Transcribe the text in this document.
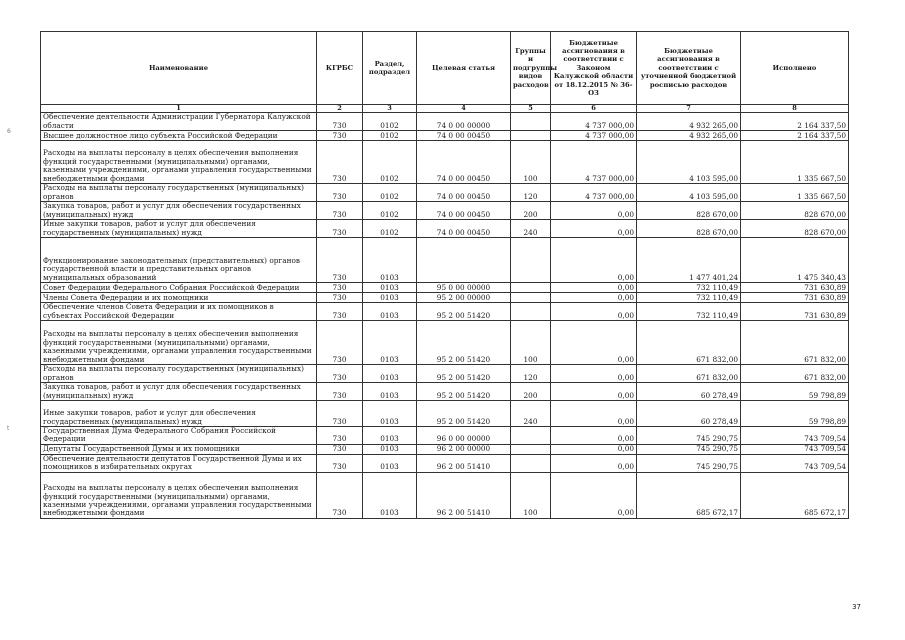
Наименование	КГРБС	Раздел, подраздел	Целевая статья	Группы и подгруппы видов расходов	Бюджетные ассигнования в соответствии с Законом Калужской области от 18.12.2015 № 36-ОЗ	Бюджетные ассигнования в соответствии с уточненной бюджетной росписью расходов	Исполнено
1	2	3	4	5	6	7	8
Обеспечение деятельности Администрации Губернатора Калужской области	730	0102	74 0 00 00000		4 737 000,00	4 932 265,00	2 164 337,50
Высшее должностное лицо субъекта Российской Федерации	730	0102	74 0 00 00450		4 737 000,00	4 932 265,00	2 164 337,50
Расходы на выплаты персоналу в целях обеспечения выполнения функций государственными (муниципальными) органами, казенными учреждениями, органами управления государственными внебюджетными фондами	730	0102	74 0 00 00450	100	4 737 000,00	4 103 595,00	1 335 667,50
Расходы на выплаты персоналу государственных (муниципальных) органов	730	0102	74 0 00 00450	120	4 737 000,00	4 103 595,00	1 335 667,50
Закупка товаров, работ и услуг для обеспечения государственных (муниципальных) нужд	730	0102	74 0 00 00450	200	0,00	828 670,00	828 670,00
Иные закупки товаров, работ и услуг для обеспечения государственных (муниципальных) нужд	730	0102	74 0 00 00450	240	0,00	828 670,00	828 670,00
Функционирование законодательных (представительных) органов государственной власти и представительных органов муниципальных образований	730	0103			0,00	1 477 401,24	1 475 340,43
Совет Федерации Федерального Собрания Российской Федерации	730	0103	95 0 00 00000		0,00	732 110,49	731 630,89
Члены Совета Федерации и их помощники	730	0103	95 2 00 00000		0,00	732 110,49	731 630,89
Обеспечение членов Совета Федерации и их помощников в субъектах Российской Федерации	730	0103	95 2 00 51420		0,00	732 110,49	731 630,89
Расходы на выплаты персоналу в целях обеспечения выполнения функций государственными (муниципальными) органами, казенными учреждениями, органами управления государственными внебюджетными фондами	730	0103	95 2 00 51420	100	0,00	671 832,00	671 832,00
Расходы на выплаты персоналу государственных (муниципальных) органов	730	0103	95 2 00 51420	120	0,00	671 832,00	671 832,00
Закупка товаров, работ и услуг для обеспечения государственных (муниципальных) нужд	730	0103	95 2 00 51420	200	0,00	60 278,49	59 798,89
Иные закупки товаров, работ и услуг для обеспечения государственных (муниципальных) нужд	730	0103	95 2 00 51420	240	0,00	60 278,49	59 798,89
Государственная Дума Федерального Собрания Российской Федерации	730	0103	96 0 00 00000		0,00	745 290,75	743 709,54
Депутаты Государственной Думы и их помощники	730	0103	96 2 00 00000		0,00	745 290,75	743 709,54
Обеспечение деятельности депутатов Государственной Думы и их помощников в избирательных округах	730	0103	96 2 00 51410		0,00	745 290,75	743 709,54
Расходы на выплаты персоналу в целях обеспечения выполнения функций государственными (муниципальными) органами, казенными учреждениями, органами управления государственными внебюджетными фондами	730	0103	96 2 00 51410	100	0,00	685 672,17	685 672,17
6
t
37
